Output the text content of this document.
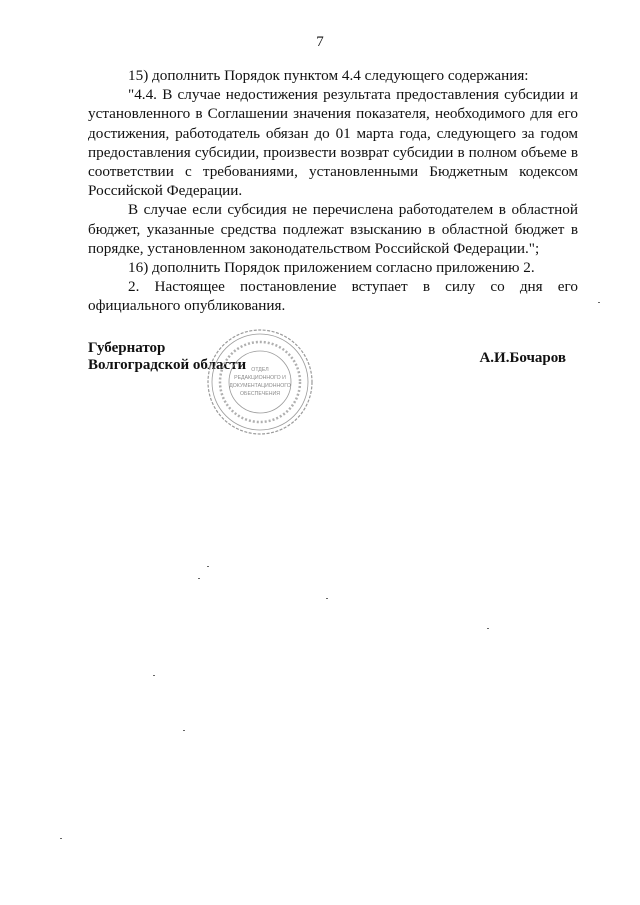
7

15) дополнить Порядок пунктом 4.4 следующего содержания:

"4.4. В случае недостижения результата предоставления субсидии и установленного в Соглашении значения показателя, необходимого для его достижения, работодатель обязан до 01 марта года, следующего за годом предоставления субсидии, произвести возврат субсидии в полном объеме в соответствии с требованиями, установленными Бюджетным кодексом Российской Федерации.

В случае если субсидия не перечислена работодателем в областной бюджет, указанные средства подлежат взысканию в областной бюджет в порядке, установленном законодательством Российской Федерации.";

16) дополнить Порядок приложением согласно приложению 2.

2. Настоящее постановление вступает в силу со дня его официального опубликования.

Губернатор
Волгоградской области	А.И.Бочаров
ОТДЕЛ
РЕДАКЦИОННОГО И
ДОКУМЕНТАЦИОННОГО
ОБЕСПЕЧЕНИЯ
